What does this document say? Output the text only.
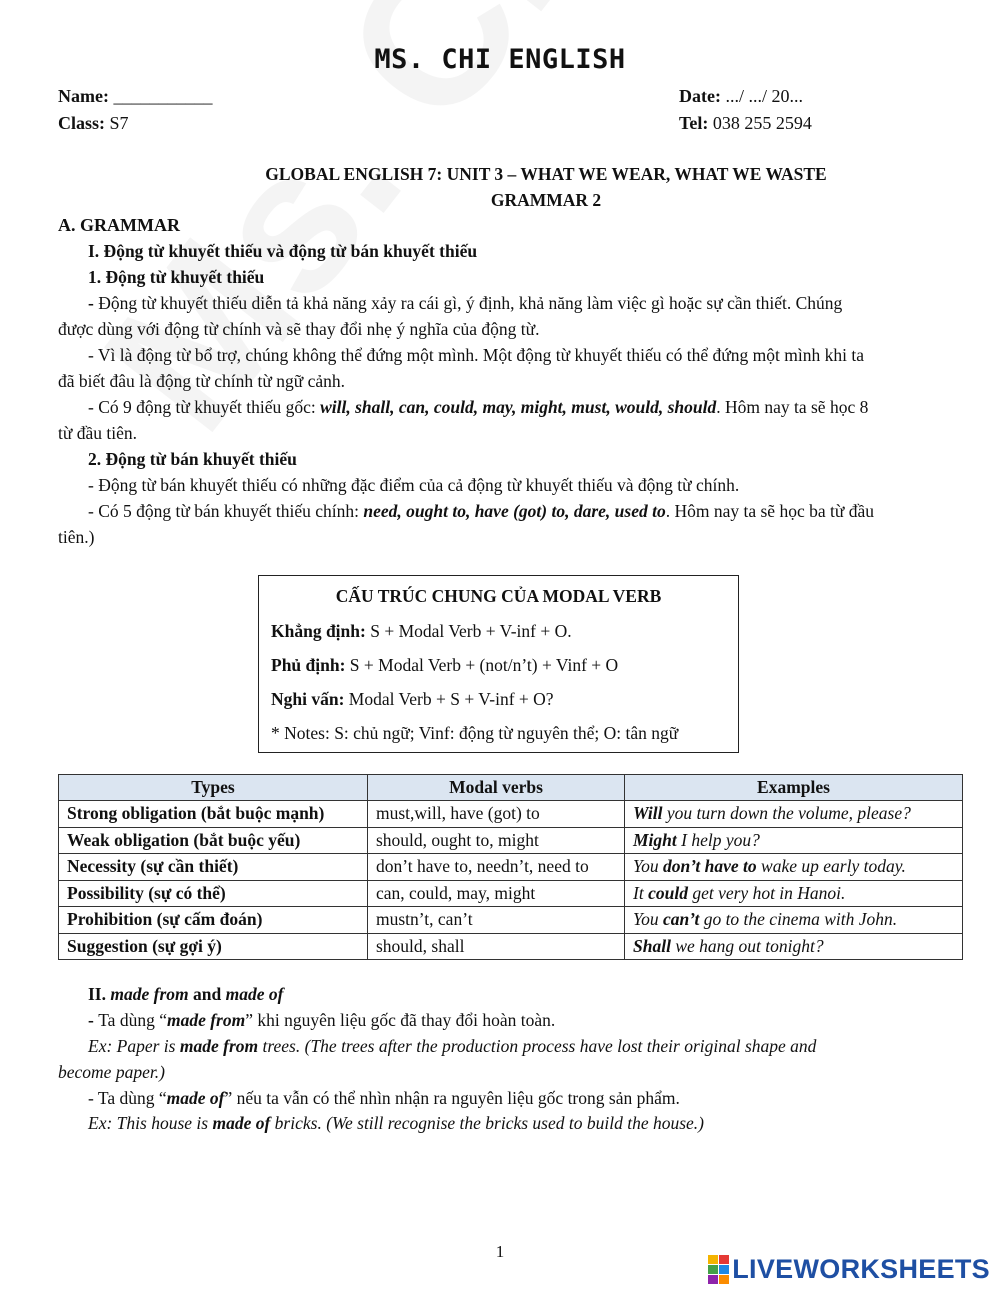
MS. CHI ENGLISH
Name: ___________	Date: .../ .../ 20...
Class: S7	Tel: 038 255 2594
GLOBAL ENGLISH 7: UNIT 3 – WHAT WE WEAR, WHAT WE WASTE
GRAMMAR 2
A. GRAMMAR
I. Động từ khuyết thiếu và động từ bán khuyết thiếu
1. Động từ khuyết thiếu
- Động từ khuyết thiếu diễn tả khả năng xảy ra cái gì, ý định, khả năng làm việc gì hoặc sự cần thiết. Chúng
được dùng với động từ chính và sẽ thay đổi nhẹ ý nghĩa của động từ.
- Vì là động từ bổ trợ, chúng không thể đứng một mình. Một động từ khuyết thiếu có thể đứng một mình khi ta
đã biết đâu là động từ chính từ ngữ cảnh.
- Có 9 động từ khuyết thiếu gốc: will, shall, can, could, may, might, must, would, should. Hôm nay ta sẽ học 8
từ đầu tiên.
2. Động từ bán khuyết thiếu
- Động từ bán khuyết thiếu có những đặc điểm của cả động từ khuyết thiếu và động từ chính.
- Có 5 động từ bán khuyết thiếu chính: need, ought to, have (got) to, dare, used to. Hôm nay ta sẽ học ba từ đầu
tiên.)
CẤU TRÚC CHUNG CỦA MODAL VERB
Khẳng định: S + Modal Verb + V-inf + O.
Phủ định: S + Modal Verb + (not/n’t) + Vinf + O
Nghi vấn: Modal Verb + S + V-inf + O?
* Notes: S: chủ ngữ; Vinf: động từ nguyên thể; O: tân ngữ
Types	Modal verbs	Examples
Strong obligation (bắt buộc mạnh)	must,will, have (got) to	Will you turn down the volume, please?
Weak obligation (bắt buộc yếu)	should, ought to, might	Might I help you?
Necessity (sự cần thiết)	don’t have to, needn’t, need to	You don’t have to wake up early today.
Possibility (sự có thể)	can, could, may, might	It could get very hot in Hanoi.
Prohibition (sự cấm đoán)	mustn’t, can’t	You can’t go to the cinema with John.
Suggestion (sự gợi ý)	should, shall	Shall we hang out tonight?
II. made from and made of
- Ta dùng “made from” khi nguyên liệu gốc đã thay đổi hoàn toàn.
Ex: Paper is made from trees. (The trees after the production process have lost their original shape and
become paper.)
- Ta dùng “made of” nếu ta vẫn có thể nhìn nhận ra nguyên liệu gốc trong sản phẩm.
Ex: This house is made of bricks. (We still recognise the bricks used to build the house.)
1
LIVEWORKSHEETS
